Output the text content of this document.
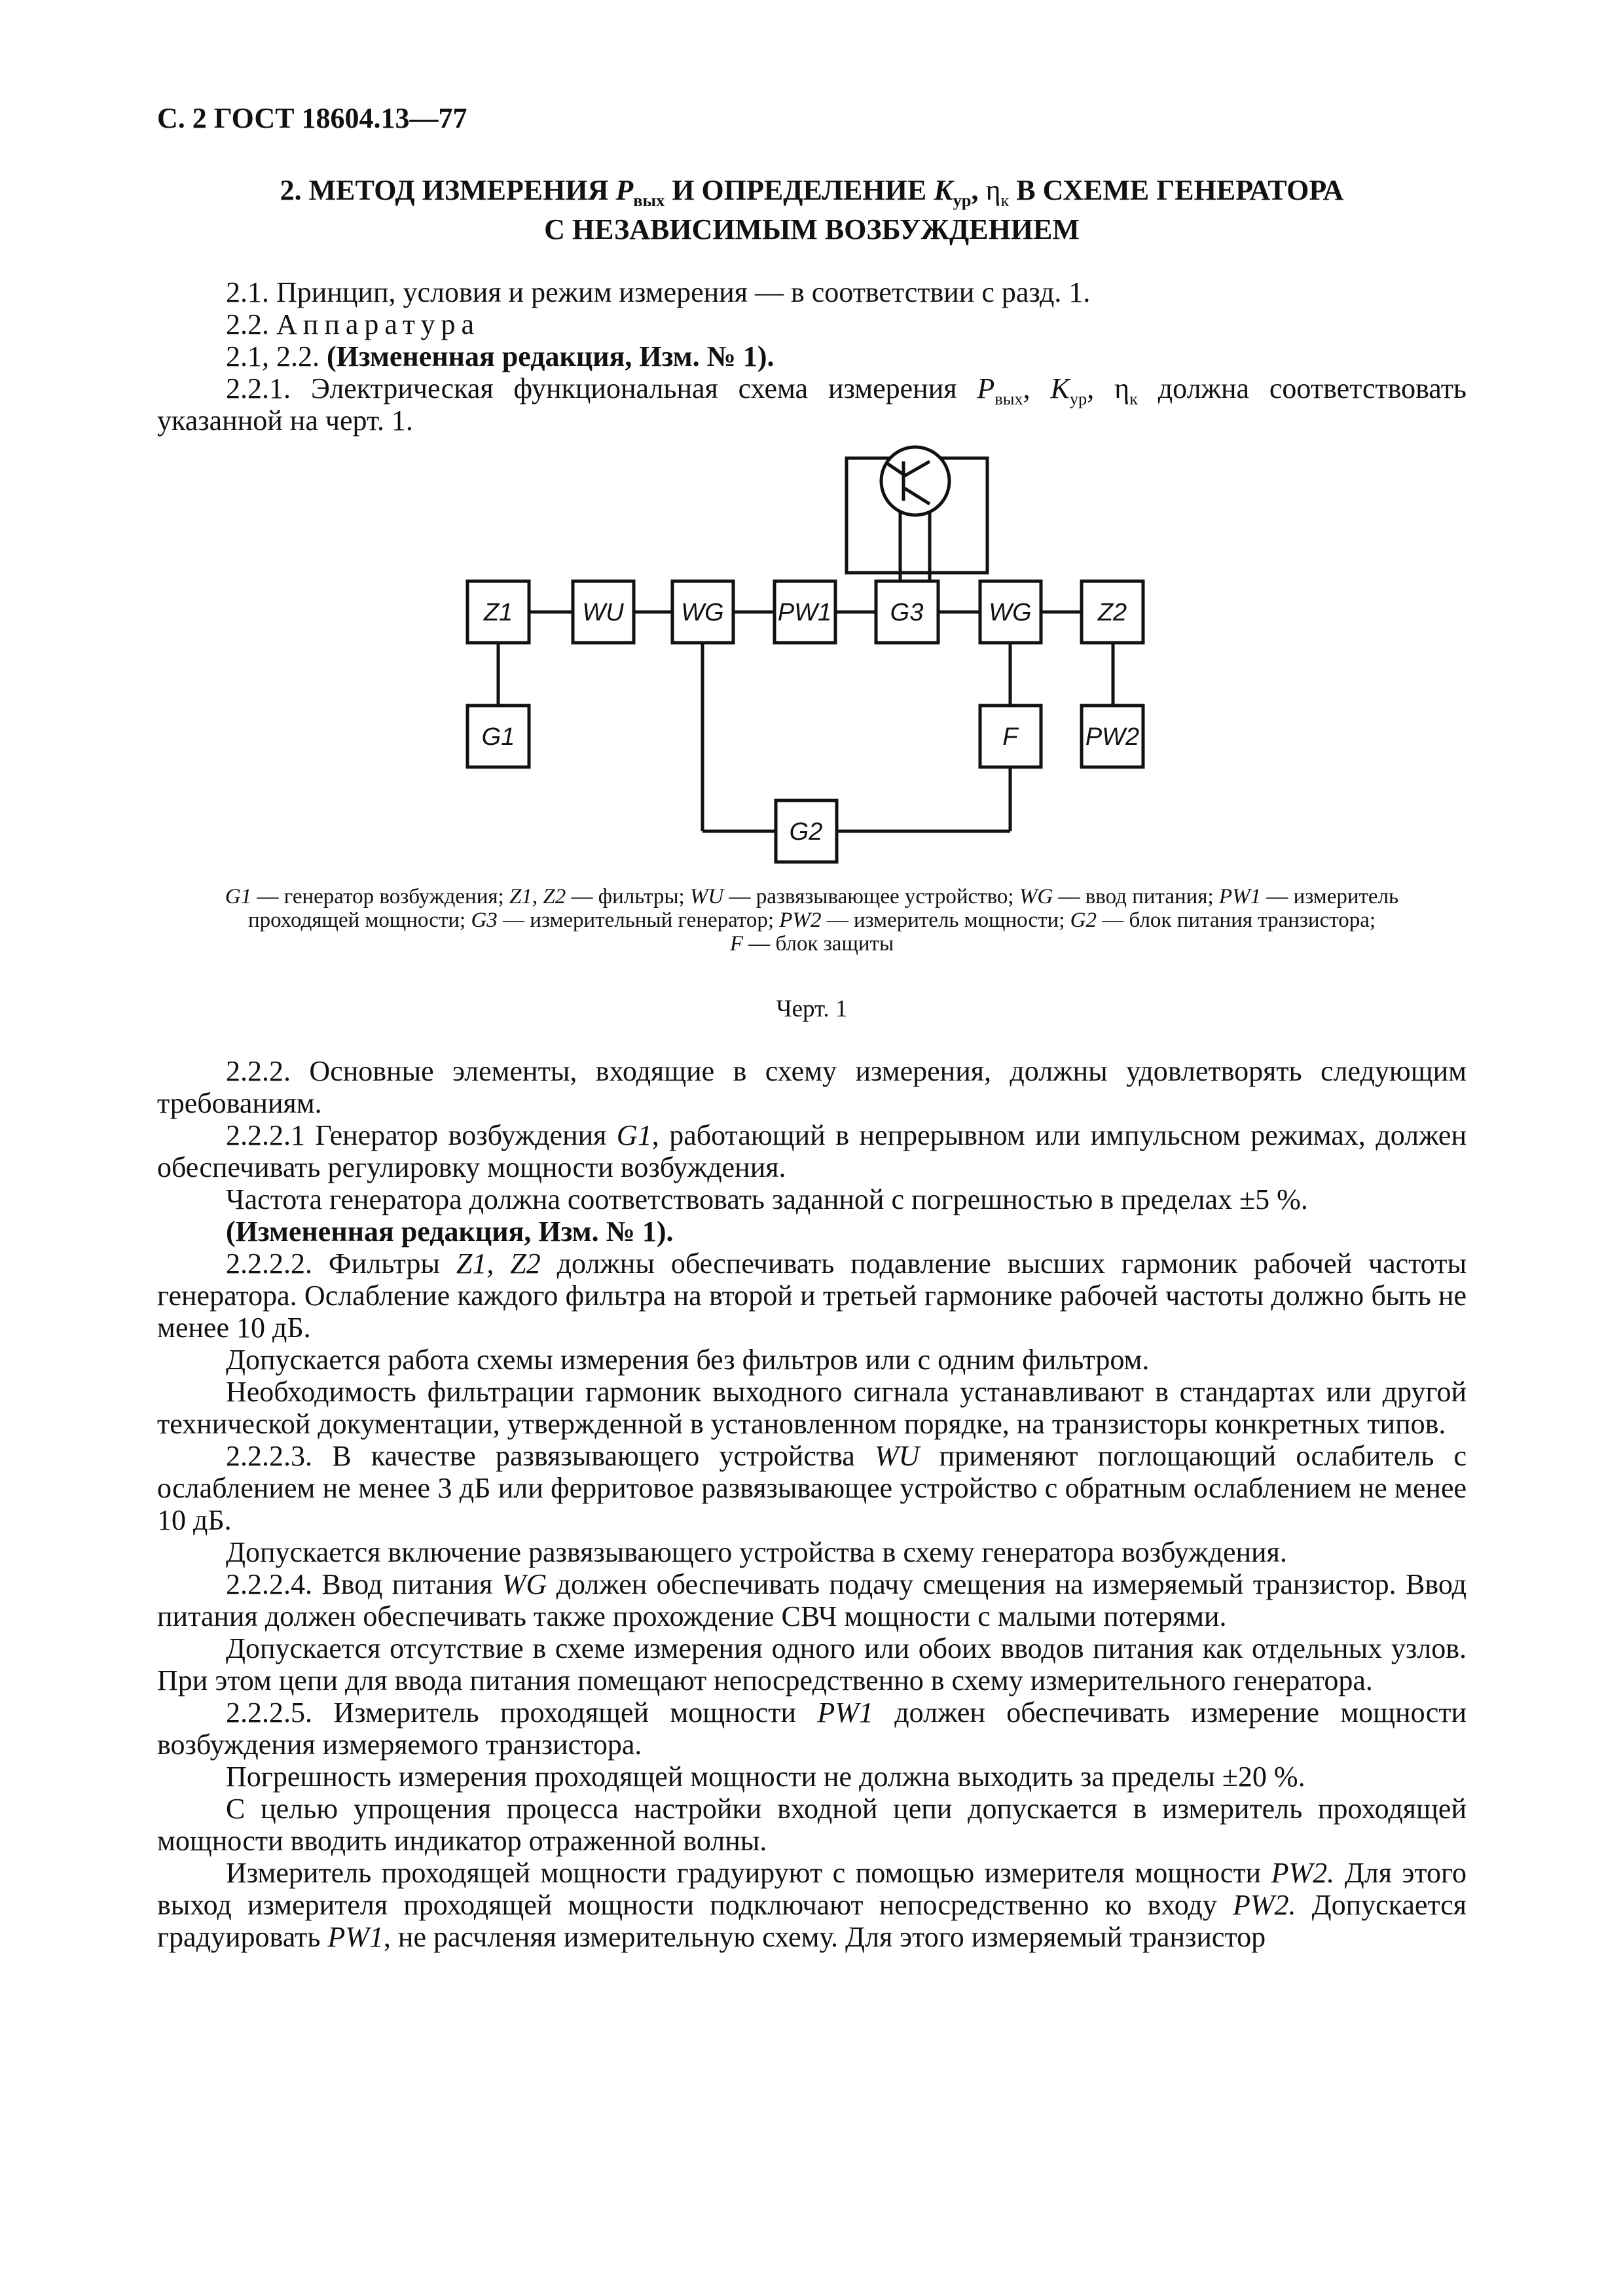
С. 2 ГОСТ 18604.13—77
2. МЕТОД ИЗМЕРЕНИЯ $P_{вых}$ И ОПРЕДЕЛЕНИЕ $K_{ур}$, $\eta_к$ В СХЕМЕ ГЕНЕРАТОРА
С НЕЗАВИСИМЫМ ВОЗБУЖДЕНИЕМ

2.1. Принцип, условия и режим измерения — в соответствии с разд. 1.

2.2. Аппаратура

2.1, 2.2. (Измененная редакция, Изм. № 1).

2.2.1. Электрическая функциональная схема измерения $P_{вых}$, $K_{ур}$, $\eta_к$ должна соответствовать указанной на черт. 1.

Z1	WU WG PW1 G3	WG	Z2
G1	F	PW2
G2
G1 — генератор возбуждения; Z1, Z2 — фильтры; WU — развязывающее устройство; WG — ввод питания; PW1 — измеритель
проходящей мощности; G3 — измерительный генератор; PW2 — измеритель мощности; G2 — блок питания транзистора;
F — блок защиты
Черт. 1

2.2.2. Основные элементы, входящие в схему измерения, должны удовлетворять следующим требованиям.

2.2.2.1 Генератор возбуждения G1, работающий в непрерывном или импульсном режимах, должен обеспечивать регулировку мощности возбуждения.

Частота генератора должна соответствовать заданной с погрешностью в пределах ±5 %.

(Измененная редакция, Изм. № 1).

2.2.2.2. Фильтры Z1, Z2 должны обеспечивать подавление высших гармоник рабочей частоты генератора. Ослабление каждого фильтра на второй и третьей гармонике рабочей частоты должно быть не менее 10 дБ.

Допускается работа схемы измерения без фильтров или с одним фильтром.

Необходимость фильтрации гармоник выходного сигнала устанавливают в стандартах или другой технической документации, утвержденной в установленном порядке, на транзисторы конкретных типов.

2.2.2.3. В качестве развязывающего устройства WU применяют поглощающий ослабитель с ослаблением не менее 3 дБ или ферритовое развязывающее устройство с обратным ослаблением не менее 10 дБ.

Допускается включение развязывающего устройства в схему генератора возбуждения.

2.2.2.4. Ввод питания WG должен обеспечивать подачу смещения на измеряемый транзистор. Ввод питания должен обеспечивать также прохождение СВЧ мощности с малыми потерями.

Допускается отсутствие в схеме измерения одного или обоих вводов питания как отдельных узлов. При этом цепи для ввода питания помещают непосредственно в схему измерительного генератора.

2.2.2.5. Измеритель проходящей мощности PW1 должен обеспечивать измерение мощности возбуждения измеряемого транзистора.

Погрешность измерения проходящей мощности не должна выходить за пределы ±20 %.

С целью упрощения процесса настройки входной цепи допускается в измеритель проходящей мощности вводить индикатор отраженной волны.

Измеритель проходящей мощности градуируют с помощью измерителя мощности PW2. Для этого выход измерителя проходящей мощности подключают непосредственно ко входу PW2. Допускается градуировать PW1, не расчленяя измерительную схему. Для этого измеряемый транзистор
